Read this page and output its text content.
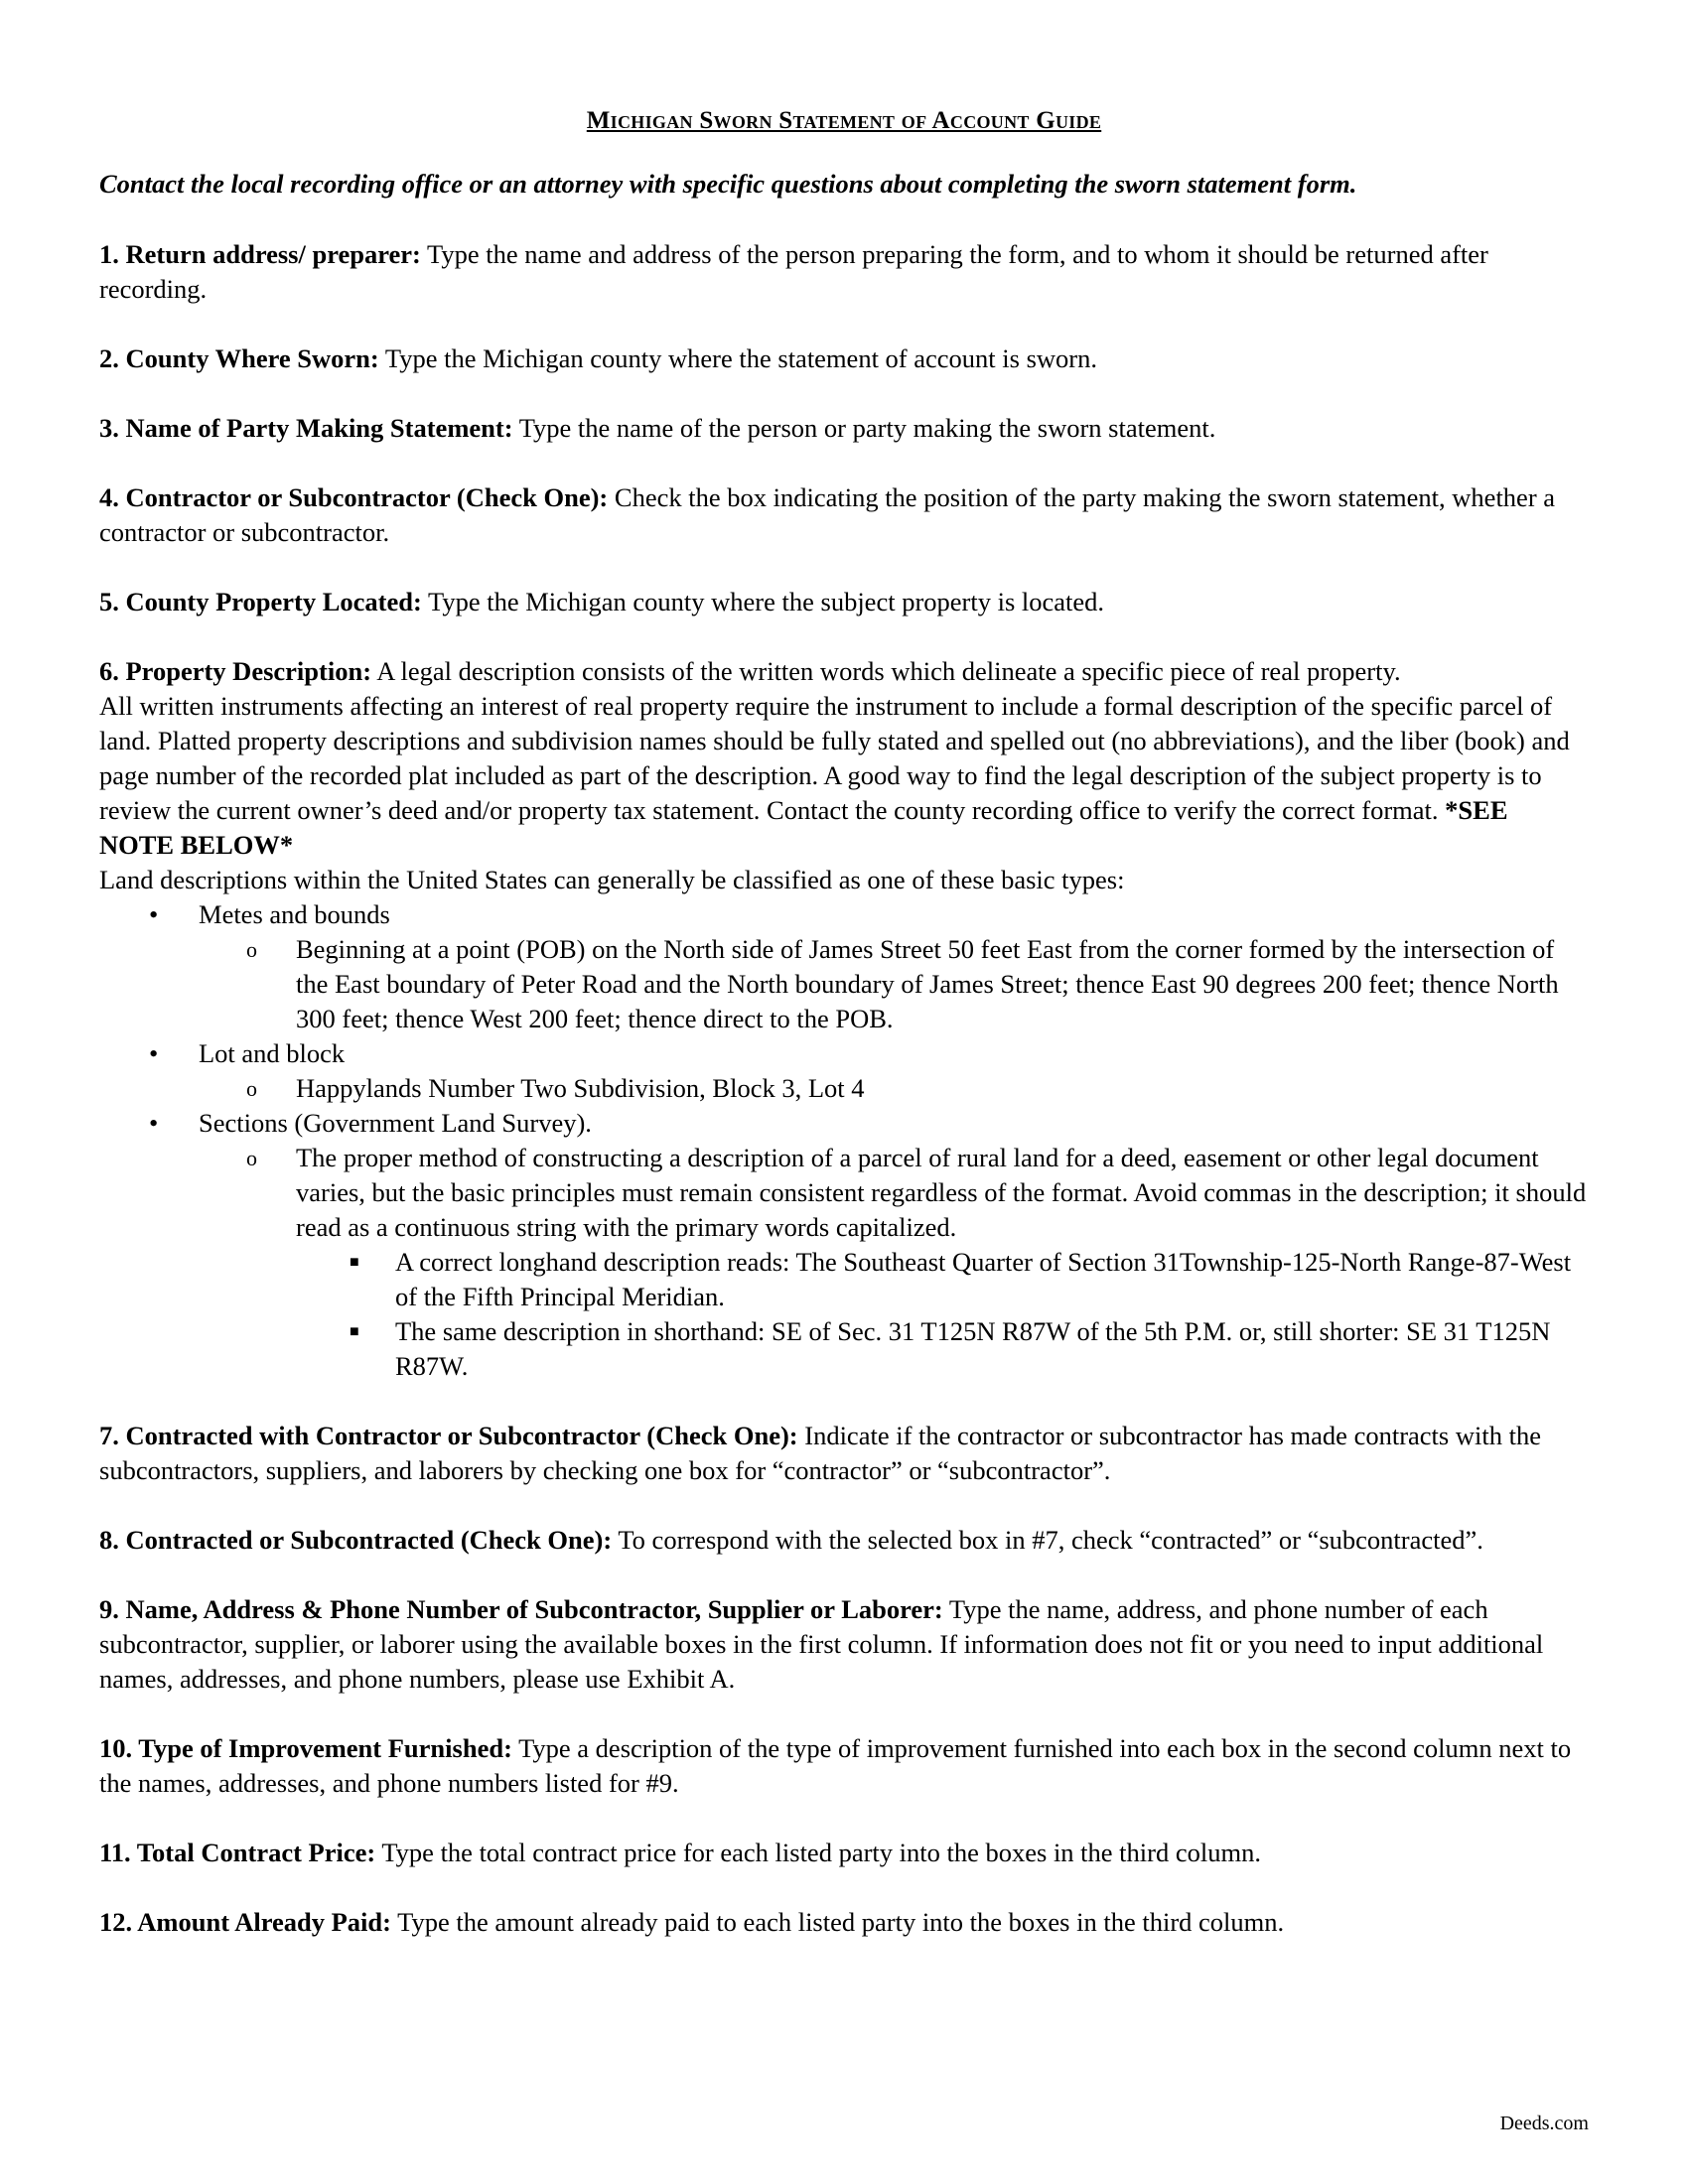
Michigan Sworn Statement of Account Guide
Contact the local recording office or an attorney with specific questions about completing the sworn statement form.
1. Return address/ preparer: Type the name and address of the person preparing the form, and to whom it should be returned after recording.
2. County Where Sworn: Type the Michigan county where the statement of account is sworn.
3. Name of Party Making Statement: Type the name of the person or party making the sworn statement.
4. Contractor or Subcontractor (Check One): Check the box indicating the position of the party making the sworn statement, whether a contractor or subcontractor.
5. County Property Located: Type the Michigan county where the subject property is located.

6. Property Description: A legal description consists of the written words which delineate a specific piece of real property.

All written instruments affecting an interest of real property require the instrument to include a formal description of the specific parcel of land. Platted property descriptions and subdivision names should be fully stated and spelled out (no abbreviations), and the liber (book) and page number of the recorded plat included as part of the description. A good way to find the legal description of the subject property is to review the current owner’s deed and/or property tax statement. Contact the county recording office to verify the correct format. *SEE NOTE BELOW*

Land descriptions within the United States can generally be classified as one of these basic types:

• Metes and bounds
o Beginning at a point (POB) on the North side of James Street 50 feet East from the corner formed by the intersection of the East boundary of Peter Road and the North boundary of James Street; thence East 90 degrees 200 feet; thence North 300 feet; thence West 200 feet; thence direct to the POB.
• Lot and block
o Happylands Number Two Subdivision, Block 3, Lot 4
• Sections (Government Land Survey).
o The proper method of constructing a description of a parcel of rural land for a deed, easement or other legal document varies, but the basic principles must remain consistent regardless of the format. Avoid commas in the description; it should read as a continuous string with the primary words capitalized.
■ A correct longhand description reads: The Southeast Quarter of Section 31Township-125-North Range-87-West of the Fifth Principal Meridian.
■ The same description in shorthand: SE of Sec. 31 T125N R87W of the 5th P.M. or, still shorter: SE 31 T125N R87W.
7. Contracted with Contractor or Subcontractor (Check One): Indicate if the contractor or subcontractor has made contracts with the subcontractors, suppliers, and laborers by checking one box for “contractor” or “subcontractor”.
8. Contracted or Subcontracted (Check One): To correspond with the selected box in #7, check “contracted” or “subcontracted”.
9. Name, Address & Phone Number of Subcontractor, Supplier or Laborer: Type the name, address, and phone number of each subcontractor, supplier, or laborer using the available boxes in the first column. If information does not fit or you need to input additional names, addresses, and phone numbers, please use Exhibit A.
10. Type of Improvement Furnished: Type a description of the type of improvement furnished into each box in the second column next to the names, addresses, and phone numbers listed for #9.
11. Total Contract Price: Type the total contract price for each listed party into the boxes in the third column.
12. Amount Already Paid: Type the amount already paid to each listed party into the boxes in the third column.
Deeds.com
